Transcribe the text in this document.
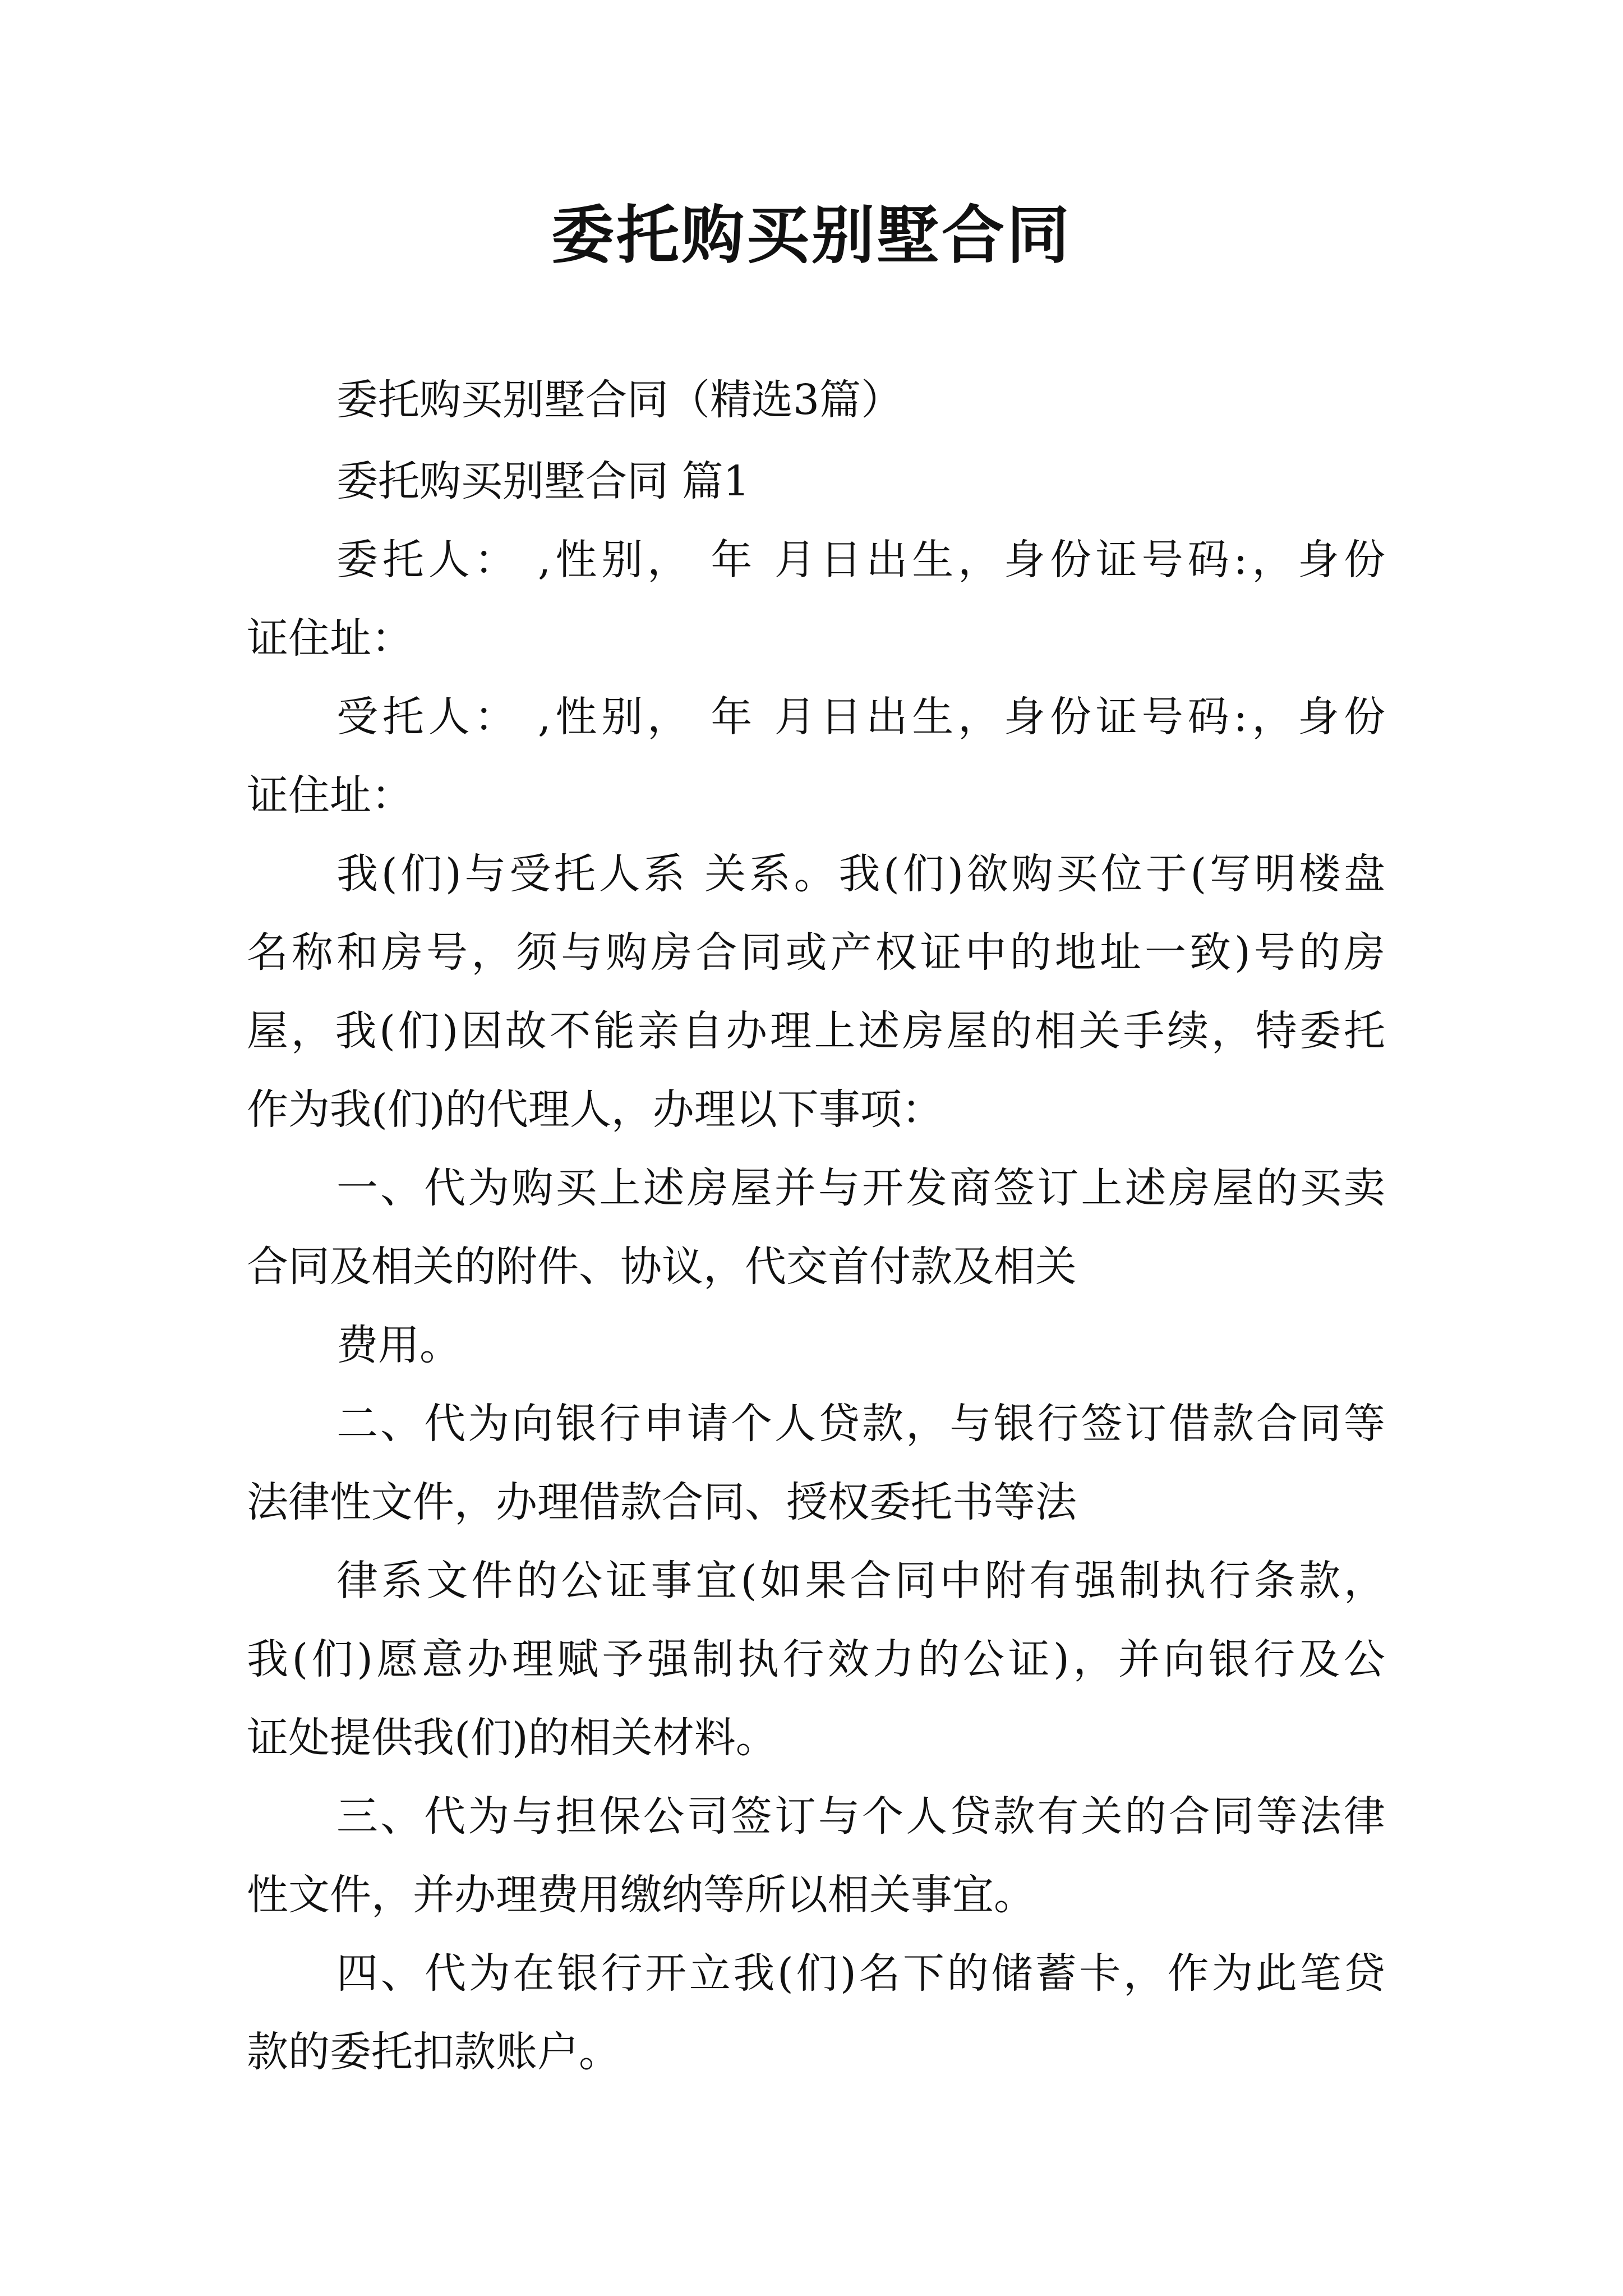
委托购买别墅合同

委托购买别墅合同（精选3篇）

委托购买别墅合同 篇1

委托人： ,性别， 年 月日出生，身份证号码:，身份

证住址：

受托人： ,性别， 年 月日出生，身份证号码:，身份

证住址：

我(们)与受托人系 关系。我(们)欲购买位于(写明楼盘

名称和房号，须与购房合同或产权证中的地址一致)号的房

屋，我(们)因故不能亲自办理上述房屋的相关手续，特委托

作为我(们)的代理人，办理以下事项：

一、代为购买上述房屋并与开发商签订上述房屋的买卖

合同及相关的附件、协议，代交首付款及相关

费用。

二、代为向银行申请个人贷款，与银行签订借款合同等

法律性文件，办理借款合同、授权委托书等法

律系文件的公证事宜(如果合同中附有强制执行条款，

我(们)愿意办理赋予强制执行效力的公证)，并向银行及公

证处提供我(们)的相关材料。

三、代为与担保公司签订与个人贷款有关的合同等法律

性文件，并办理费用缴纳等所以相关事宜。

四、代为在银行开立我(们)名下的储蓄卡，作为此笔贷

款的委托扣款账户。
